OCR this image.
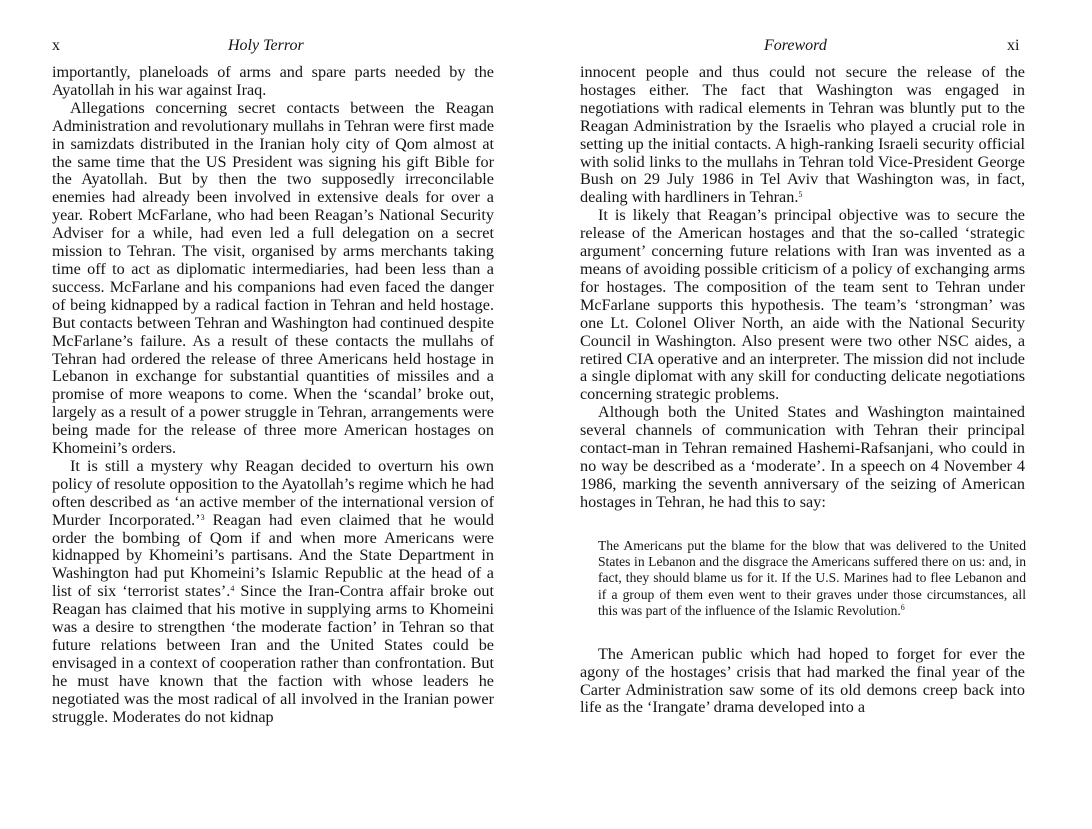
x	Holy Terror

importantly, planeloads of arms and spare parts needed by the Ayatollah in his war against Iraq.

Allegations concerning secret contacts between the Reagan Administration and revolutionary mullahs in Tehran were first made in samizdats distributed in the Iranian holy city of Qom almost at the same time that the US President was signing his gift Bible for the Ayatollah. But by then the two supposedly irreconcilable enemies had already been involved in extensive deals for over a year. Robert McFarlane, who had been Reagan’s National Security Adviser for a while, had even led a full delegation on a secret mission to Tehran. The visit, organised by arms merchants taking time off to act as diplomatic intermediaries, had been less than a success. McFarlane and his companions had even faced the danger of being kidnapped by a radical faction in Tehran and held hostage. But contacts between Tehran and Washington had continued despite McFarlane’s failure. As a result of these contacts the mullahs of Tehran had ordered the release of three Americans held hostage in Lebanon in exchange for substantial quantities of missiles and a promise of more weapons to come. When the ‘scandal’ broke out, largely as a result of a power struggle in Tehran, arrangements were being made for the release of three more American hostages on Khomeini’s orders.

It is still a mystery why Reagan decided to overturn his own policy of resolute opposition to the Ayatollah’s regime which he had often described as ‘an active member of the international version of Murder Incorporated.’$^3$ Reagan had even claimed that he would order the bombing of Qom if and when more Americans were kidnapped by Khomeini’s partisans. And the State Department in Washington had put Khomeini’s Islamic Republic at the head of a list of six ‘terrorist states’.$^4$ Since the Iran-Contra affair broke out Reagan has claimed that his motive in supplying arms to Khomeini was a desire to strengthen ‘the moderate faction’ in Tehran so that future relations between Iran and the United States could be envisaged in a context of cooperation rather than confrontation. But he must have known that the faction with whose leaders he negotiated was the most radical of all involved in the Iranian power struggle. Moderates do not kidnap

Foreword	xi

innocent people and thus could not secure the release of the hostages either. The fact that Washington was engaged in negotiations with radical elements in Tehran was bluntly put to the Reagan Administration by the Israelis who played a crucial role in setting up the initial contacts. A high-ranking Israeli security official with solid links to the mullahs in Tehran told Vice-President George Bush on 29 July 1986 in Tel Aviv that Washington was, in fact, dealing with hardliners in Tehran.$^5$

It is likely that Reagan’s principal objective was to secure the release of the American hostages and that the so-called ‘strategic argument’ concerning future relations with Iran was invented as a means of avoiding possible criticism of a policy of exchanging arms for hostages. The composition of the team sent to Tehran under McFarlane supports this hypothesis. The team’s ‘strongman’ was one Lt. Colonel Oliver North, an aide with the National Security Council in Washington. Also present were two other NSC aides, a retired CIA operative and an interpreter. The mission did not include a single diplomat with any skill for conducting delicate negotiations concerning strategic problems.

Although both the United States and Washington maintained several channels of communication with Tehran their principal contact-man in Tehran remained Hashemi-Rafsanjani, who could in no way be described as a ‘moderate’. In a speech on 4 November 4 1986, marking the seventh anniversary of the seizing of American hostages in Tehran, he had this to say:

The Americans put the blame for the blow that was delivered to the United States in Lebanon and the disgrace the Americans suffered there on us: and, in fact, they should blame us for it. If the U.S. Marines had to flee Lebanon and if a group of them even went to their graves under those circumstances, all this was part of the influence of the Islamic Revolution.$^6$

The American public which had hoped to forget for ever the agony of the hostages’ crisis that had marked the final year of the Carter Administration saw some of its old demons creep back into life as the ‘Irangate’ drama developed into a
